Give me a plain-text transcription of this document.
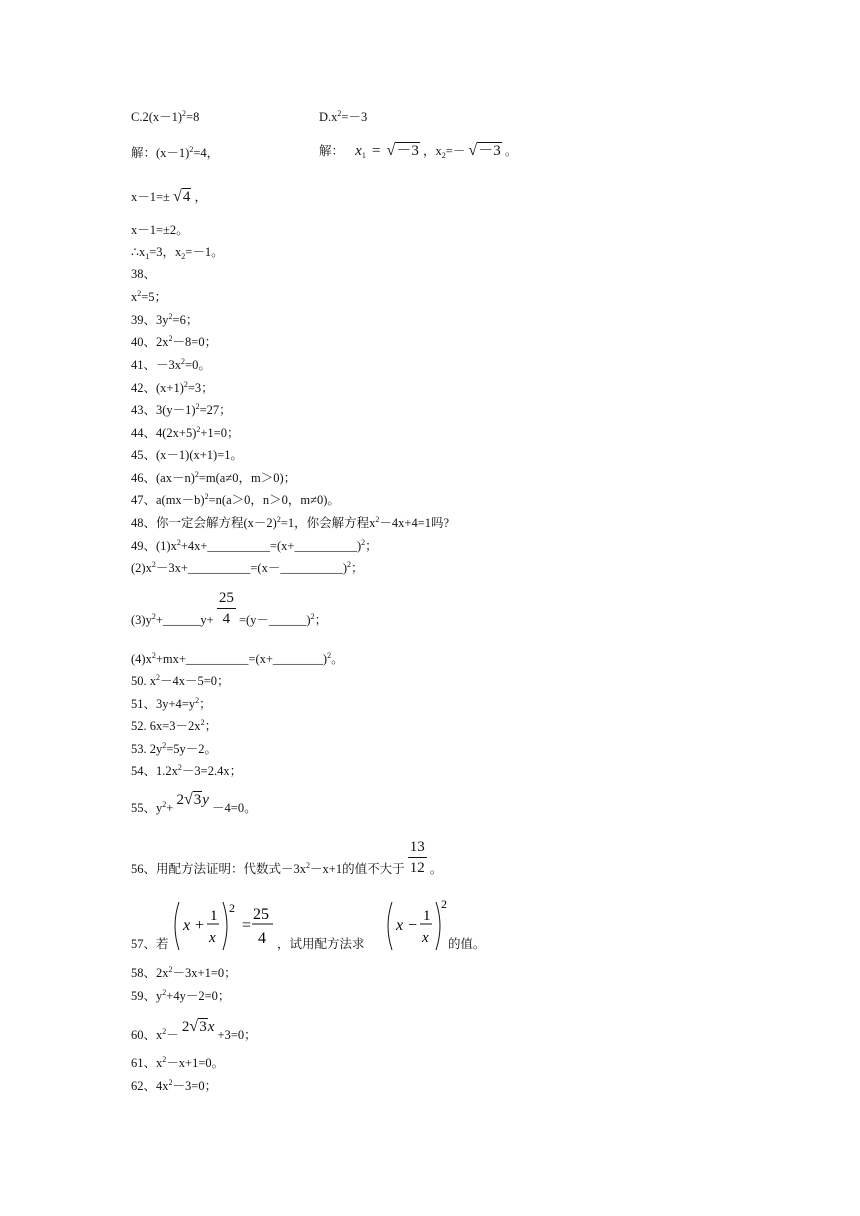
$C.2(x-1)^2=8$	$D.x^2=-3$
解：$(x-1)^2=4$，	解： $x_1 = √-3$ ，$x_2=- √-3$ 。
x－1=± √4 ，
x－1=±2。
$\therefore x_1=3$，$x_2=-1$。
38、
$x^2=5$；
39、$3y^2=6$；
40、$2x^2-8=0$；
41、$-3x^2=0$。
42、$(x+1)^2=3$；
43、$3(y-1)^2=27$；
44、$4(2x+5)^2+1=0$；
45、(x－1)(x+1)=1。
46、$(ax-n)^2=m(a\ne 0$，m＞0)；
47、$a(mx-b)^2=n(a>0$，n＞0，m≠0)。
48、你一定会解方程$(x-2)^2=1$，你会解方程$x^2-4x+4=1$吗?
49、$(1)x^2+4x+\_\_\_\_\_\_\_\_\_\_=(x+\_\_\_\_\_\_\_\_\_\_)^2$；
$(2)x^2-3x+\_\_\_\_\_\_\_\_\_\_=(x-\_\_\_\_\_\_\_\_\_\_)^2$；
$(3)y^2+\_\_\_\_\_\_y+ \frac{25}{4}$ =(y－______)$^2$；
$(4)x^2+mx+\_\_\_\_\_\_\_\_\_\_=(x+\_\_\_\_\_\_\_\_)^2$。
50. $x^2-4x-5=0$；
51、$3y+4=y^2$；
52. $6x=3-2x^2$；
53. $2y^2=5y-2$。
54、$1.2x^2-3=2.4x$；
55、$y^2+ 2√3y -4=0$。
56、用配方法证明：代数式$-3x^2-x+1$的值不大于 $\frac{13}{12}$ 。
57、若
x +
1
x
2
=
25
4 ，试用配方法求
x −
1
x
2
的值。
58、$2x^2-3x+1=0$；
59、$y^2+4y-2=0$；
60、$x^2- 2√3x +3=0$；
61、$x^2-x+1=0$。
62、$4x^2-3=0$；
